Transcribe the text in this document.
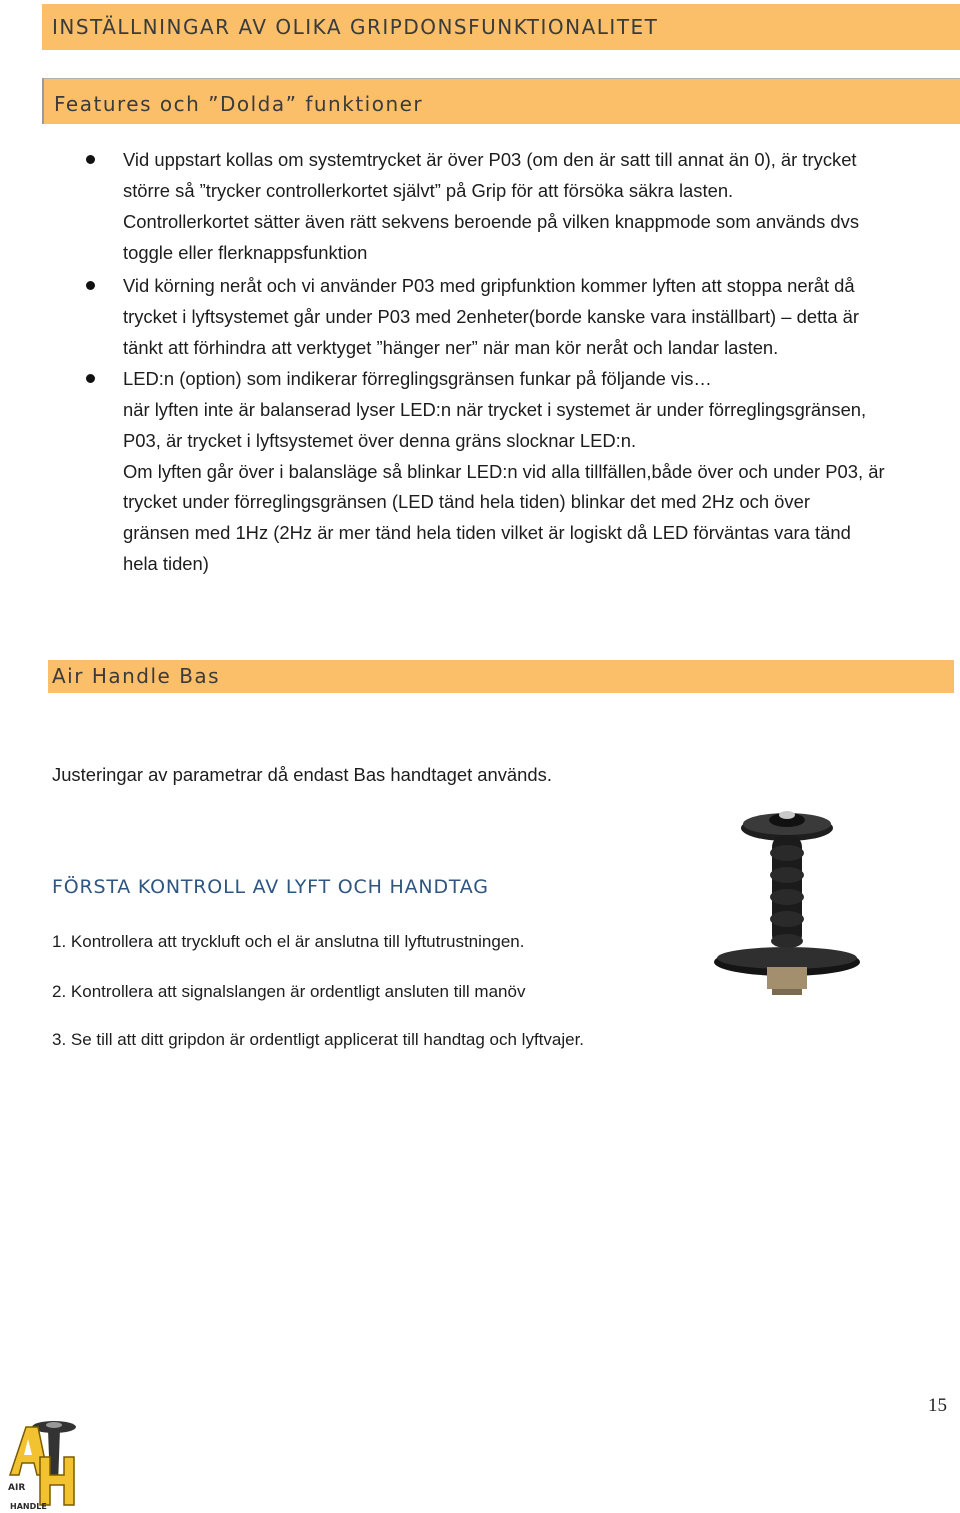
INSTÄLLNINGAR AV OLIKA GRIPDONSFUNKTIONALITET
Features och ”Dolda” funktioner
Vid uppstart kollas om systemtrycket är över P03 (om den är satt till annat än 0), är trycket
större så ”trycker controllerkortet självt” på Grip för att försöka säkra lasten.
Controllerkortet sätter även rätt sekvens beroende på vilken knappmode som används dvs
toggle eller flerknappsfunktion
Vid körning neråt och vi använder P03 med gripfunktion kommer lyften att stoppa neråt då
trycket i lyftsystemet går under P03 med 2enheter(borde kanske vara inställbart) – detta är
tänkt att förhindra att verktyget ”hänger ner” när man kör neråt och landar lasten.
LED:n (option) som indikerar förreglingsgränsen funkar på följande vis…
när lyften inte är balanserad lyser LED:n när trycket i systemet är under förreglingsgränsen,
P03, är trycket i lyftsystemet över denna gräns slocknar LED:n.
Om lyften går över i balansläge så blinkar LED:n vid alla tillfällen,både över och under P03, är
trycket under förreglingsgränsen (LED tänd hela tiden) blinkar det med 2Hz och över
gränsen med 1Hz (2Hz är mer tänd hela tiden vilket är logiskt då LED förväntas vara tänd
hela tiden)
Air Handle Bas
Justeringar av parametrar då endast Bas handtaget används.
FÖRSTA KONTROLL AV LYFT OCH HANDTAG
1. Kontrollera att tryckluft och el är anslutna till lyftutrustningen.
2. Kontrollera att signalslangen är ordentligt ansluten till manöv
3. Se till att ditt gripdon är ordentligt applicerat till handtag och lyftvajer.
15
AIR
HANDLE
